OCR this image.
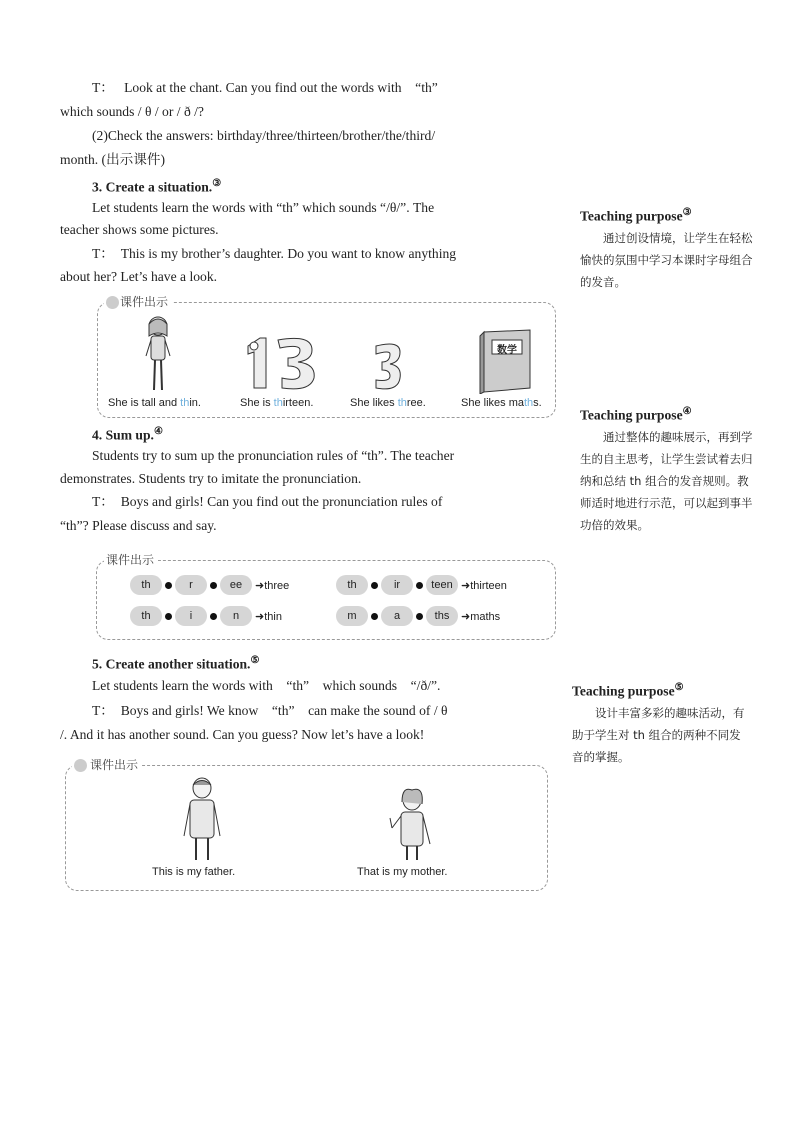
T：　 Look at the chant. Can you find out the words with　“th”
which sounds / θ / or / ð /?
(2)Check the answers: birthday/three/thirteen/brother/the/third/
month. (出示课件)
3. Create a situation.③
Let students learn the words with “th” which sounds “/θ/”. The
teacher shows some pictures.
T：　This is my brother’s daughter. Do you want to know anything
about her? Let’s have a look.
课件出示
数学
She is tall and thin.	She is thirteen.	She likes three.	She likes maths.
4. Sum up.④
Students try to sum up the pronunciation rules of “th”. The teacher
demonstrates. Students try to imitate the pronunciation.
T：　Boys and girls! Can you find out the pronunciation rules of
“th”? Please discuss and say.
课件出示
th	r	ee	➜three	th	ir	teen ➜thirteen
th	i	n	➜thin	m	a	ths	➜maths
5. Create another situation.⑤
Let students learn the words with　“th”　which sounds　“/ð/”.
T：　Boys and girls! We know　“th”　can make the sound of / θ
/. And it has another sound. Can you guess? Now let’s have a look!
课件出示
This is my father.	That is my mother.
Teaching purpose③
　　通过创设情境，让学生在轻松愉快的氛围中学习本课时字母组合的发音。
Teaching purpose④
　　通过整体的趣味展示，再到学生的自主思考，让学生尝试着去归纳和总结 th 组合的发音规则。教师适时地进行示范，可以起到事半功倍的效果。
Teaching purpose⑤
　　设计丰富多彩的趣味活动，有助于学生对 th 组合的两种不同发音的掌握。
